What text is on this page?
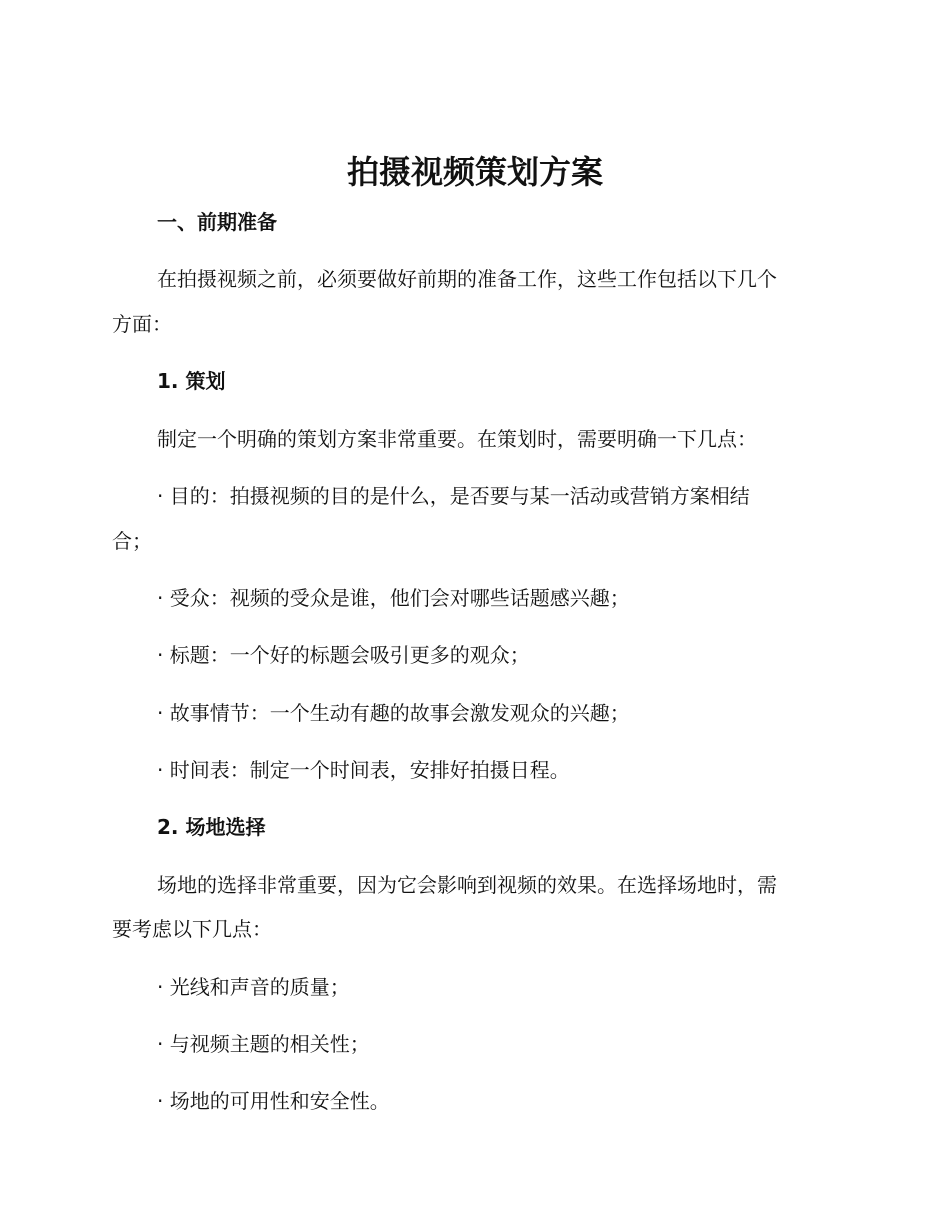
拍摄视频策划方案
一、前期准备
在拍摄视频之前，必须要做好前期的准备工作，这些工作包括以下几个
方面：
1. 策划
制定一个明确的策划方案非常重要。在策划时，需要明确一下几点：
· 目的：拍摄视频的目的是什么，是否要与某一活动或营销方案相结
合；
· 受众：视频的受众是谁，他们会对哪些话题感兴趣；
· 标题：一个好的标题会吸引更多的观众；
· 故事情节：一个生动有趣的故事会激发观众的兴趣；
· 时间表：制定一个时间表，安排好拍摄日程。
2. 场地选择
场地的选择非常重要，因为它会影响到视频的效果。在选择场地时，需
要考虑以下几点：
· 光线和声音的质量；
· 与视频主题的相关性；
· 场地的可用性和安全性。
